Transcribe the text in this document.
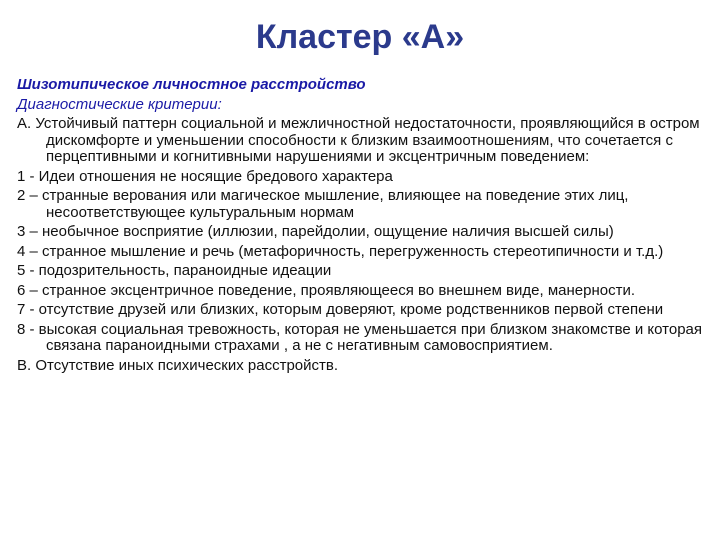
Кластер «А»
Шизотипическое личностное расстройство
Диагностические критерии:
А. Устойчивый паттерн социальной и межличностной недостаточности, проявляющийся в остром дискомфорте и уменьшении способности к близким взаимоотношениям, что сочетается с перцептивными и когнитивными нарушениями и эксцентричным поведением:
1 - Идеи отношения не носящие бредового характера
2 – странные верования или магическое мышление, влияющее на поведение этих лиц, несоответствующее культуральным нормам
3 – необычное восприятие (иллюзии, парейдолии, ощущение наличия высшей силы)
4 – странное мышление и речь (метафоричность, перегруженность стереотипичности и т.д.)
5 - подозрительность, параноидные идеации
6 – странное эксцентричное поведение, проявляющееся во внешнем виде, манерности.
7 - отсутствие друзей или близких, которым доверяют, кроме родственников первой степени
8 - высокая социальная тревожность, которая не уменьшается при близком знакомстве и которая связана параноидными страхами , а не с негативным самовосприятием.
В. Отсутствие иных психических расстройств.
